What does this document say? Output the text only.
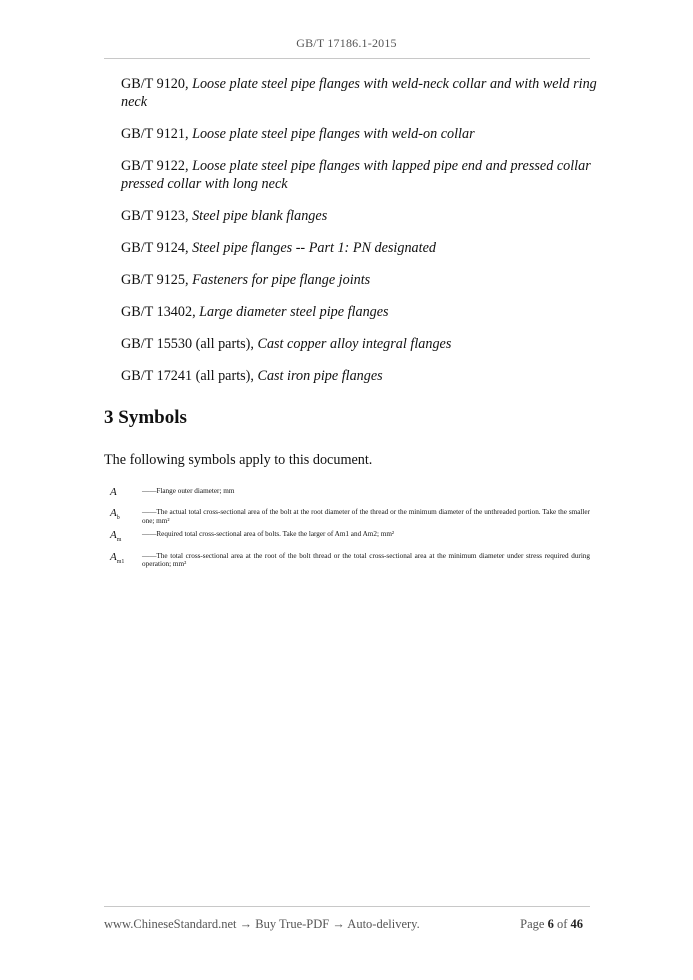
GB/T 17186.1-2015

GB/T 9120, Loose plate steel pipe flanges with weld-neck collar and with weld ring neck

GB/T 9121, Loose plate steel pipe flanges with weld-on collar

GB/T 9122, Loose plate steel pipe flanges with lapped pipe end and pressed collar pressed collar with long neck

GB/T 9123, Steel pipe blank flanges

GB/T 9124, Steel pipe flanges -- Part 1: PN designated

GB/T 9125, Fasteners for pipe flange joints

GB/T 13402, Large diameter steel pipe flanges

GB/T 15530 (all parts), Cast copper alloy integral flanges

GB/T 17241 (all parts), Cast iron pipe flanges

3 Symbols
The following symbols apply to this document.
A	——Flange outer diameter; mm
$A_b$
——The actual total cross-sectional area of the bolt at the root diameter of the thread or the minimum diameter of the unthreaded portion. Take the smaller one; mm²
$A_m$
——Required total cross-sectional area of bolts. Take the larger of Am1 and Am2; mm²
$A_{m1}$
——The total cross-sectional area at the root of the bolt thread or the total cross-sectional area at the minimum diameter under stress required during operation; mm²
www.ChineseStandard.net → Buy True-PDF → Auto-delivery.	Page 6 of 46
